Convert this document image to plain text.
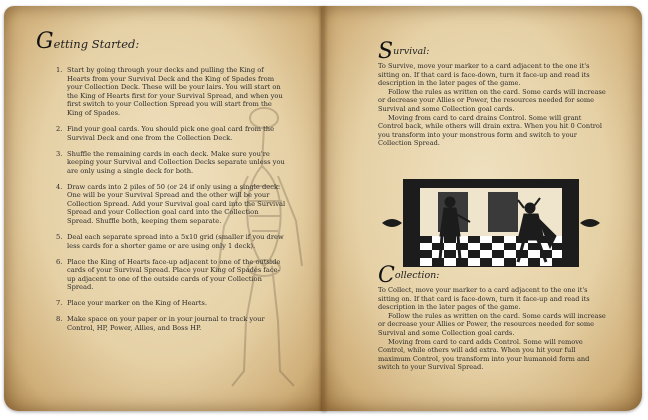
Getting Started:
1. Start by going through your decks and pulling the King of Hearts from your Survival Deck and the King of Spades from your Collection Deck. These will be your lairs. You will start on the King of Hearts first for your Survival Spread, and when you first switch to your Collection Spread you will start from the King of Spades.
2. Find your goal cards. You should pick one goal card from the Survival Deck and one from the Collection Deck.
3. Shuffle the remaining cards in each deck. Make sure you're keeping your Survival and Collection Decks separate unless you are only using a single deck for both.
4. Draw cards into 2 piles of 50 (or 24 if only using a single deck. One will be your Survival Spread and the other will be your Collection Spread. Add your Survival goal card into the Survival Spread and your Collection goal card into the Collection Spread. Shuffle both, keeping them separate.
5. Deal each separate spread into a 5x10 grid (smaller if you drew less cards for a shorter game or are using only 1 deck).
6. Place the King of Hearts face-up adjacent to one of the outside cards of your Survival Spread. Place your King of Spades face-up adjacent to one of the outside cards of your Collection Spread.
7. Place your marker on the King of Hearts.
8. Make space on your paper or in your journal to track your Control, HP, Power, Allies, and Boss HP.
S urvival:

To Survive, move your marker to a card adjacent to the one it's sitting on. If that card is face-down, turn it face-up and read its description in the later pages of the game.

Follow the rules as written on the card. Some cards will increase or decrease your Allies or Power, the resources needed for some Survival and some Collection goal cards.

Moving from card to card drains Control. Some will grant Control back, while others will drain extra. When you hit 0 Control you transform into your monstrous form and switch to your Collection Spread.

C ollection:

To Collect, move your marker to a card adjacent to the one it's sitting on. If that card is face-down, turn it face-up and read its description in the later pages of the game.

Follow the rules as written on the card. Some cards will increase or decrease your Allies or Power, the resources needed for some Survival and some Collection goal cards.

Moving from card to card adds Control. Some will remove Control, while others will add extra. When you hit your full maximum Control, you transform into your humanoid form and switch to your Survival Spread.
